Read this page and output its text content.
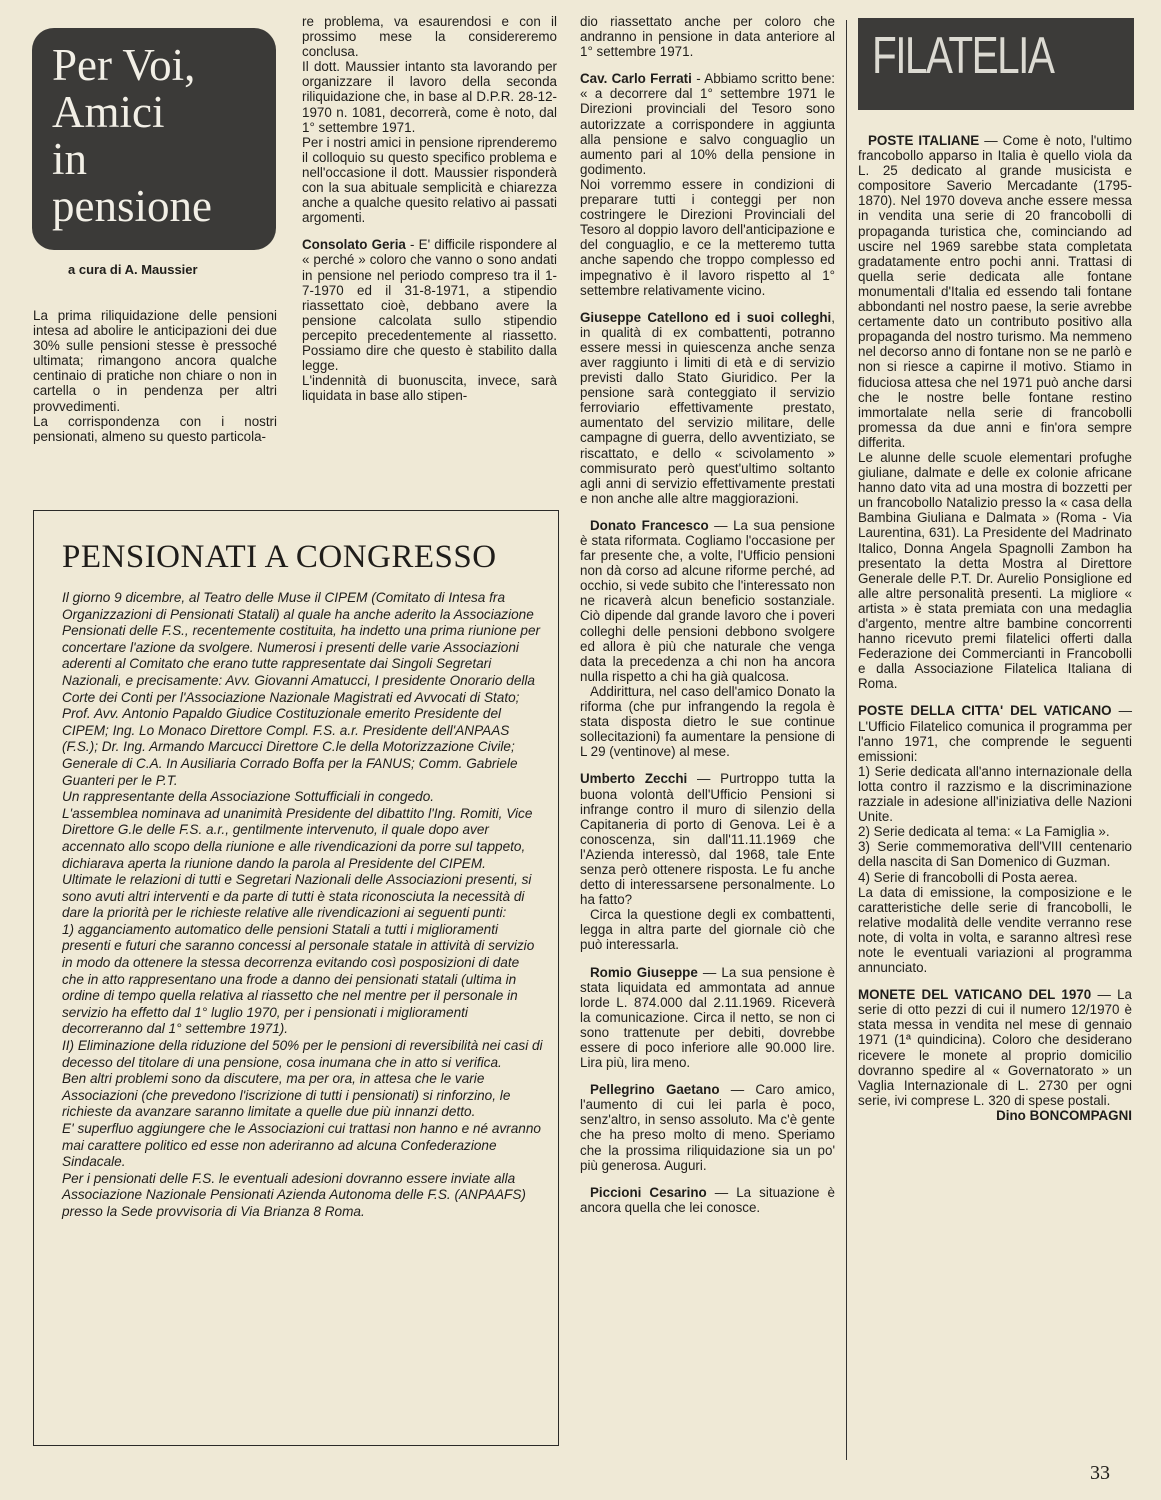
Per Voi,
Amici
in
pensione
a cura di A. Maussier

La prima riliquidazione delle pensioni intesa ad abolire le anticipazioni dei due 30% sulle pensioni stesse è pressoché ultimata; rimangono ancora qualche centinaio di pratiche non chiare o non in cartella o in pendenza per altri provvedimenti.

La corrispondenza con i nostri pensionati, almeno su questo particola-

re problema, va esaurendosi e con il prossimo mese la considereremo conclusa.

Il dott. Maussier intanto sta lavorando per organizzare il lavoro della seconda riliquidazione che, in base al D.P.R. 28-12-1970 n. 1081, decorrerà, come è noto, dal 1° settembre 1971.

Per i nostri amici in pensione riprenderemo il colloquio su questo specifico problema e nell'occasione il dott. Maussier risponderà con la sua abituale semplicità e chiarezza anche a qualche quesito relativo ai passati argomenti.

Consolato Geria - E' difficile rispondere al « perché » coloro che vanno o sono andati in pensione nel periodo compreso tra il 1-7-1970 ed il 31-8-1971, a stipendio riassettato cioè, debbano avere la pensione calcolata sullo stipendio percepito precedentemente al riassetto. Possiamo dire che questo è stabilito dalla legge.

L'indennità di buonuscita, invece, sarà liquidata in base allo stipen-

PENSIONATI A CONGRESSO

Il giorno 9 dicembre, al Teatro delle Muse il CIPEM (Comitato di Intesa fra Organizzazioni di Pensionati Statali) al quale ha anche aderito la Associazione Pensionati delle F.S., recentemente costituita, ha indetto una prima riunione per concertare l'azione da svolgere. Numerosi i presenti delle varie Associazioni aderenti al Comitato che erano tutte rappresentate dai Singoli Segretari Nazionali, e precisamente: Avv. Giovanni Amatucci, I presidente Onorario della Corte dei Conti per l'Associazione Nazionale Magistrati ed Avvocati di Stato; Prof. Avv. Antonio Papaldo Giudice Costituzionale emerito Presidente del CIPEM; Ing. Lo Monaco Direttore Compl. F.S. a.r. Presidente dell'ANPAAS (F.S.); Dr. Ing. Armando Marcucci Direttore C.le della Motorizzazione Civile; Generale di C.A. In Ausiliaria Corrado Boffa per la FANUS; Comm. Gabriele Guanteri per le P.T.

Un rappresentante della Associazione Sottufficiali in congedo.

L'assemblea nominava ad unanimità Presidente del dibattito l'Ing. Romiti, Vice Direttore G.le delle F.S. a.r., gentilmente intervenuto, il quale dopo aver accennato allo scopo della riunione e alle rivendicazioni da porre sul tappeto, dichiarava aperta la riunione dando la parola al Presidente del CIPEM.

Ultimate le relazioni di tutti e Segretari Nazionali delle Associazioni presenti, si sono avuti altri interventi e da parte di tutti è stata riconosciuta la necessità di dare la priorità per le richieste relative alle rivendicazioni ai seguenti punti:

1) agganciamento automatico delle pensioni Statali a tutti i miglioramenti presenti e futuri che saranno concessi al personale statale in attività di servizio in modo da ottenere la stessa decorrenza evitando così posposizioni di date che in atto rappresentano una frode a danno dei pensionati statali (ultima in ordine di tempo quella relativa al riassetto che nel mentre per il personale in servizio ha effetto dal 1° luglio 1970, per i pensionati i miglioramenti decorreranno dal 1° settembre 1971).

II) Eliminazione della riduzione del 50% per le pensioni di reversibilità nei casi di decesso del titolare di una pensione, cosa inumana che in atto si verifica.

Ben altri problemi sono da discutere, ma per ora, in attesa che le varie Associazioni (che prevedono l'iscrizione di tutti i pensionati) si rinforzino, le richieste da avanzare saranno limitate a quelle due più innanzi detto.

E' superfluo aggiungere che le Associazioni cui trattasi non hanno e né avranno mai carattere politico ed esse non aderiranno ad alcuna Confederazione Sindacale.

Per i pensionati delle F.S. le eventuali adesioni dovranno essere inviate alla Associazione Nazionale Pensionati Azienda Autonoma delle F.S. (ANPAAFS) presso la Sede provvisoria di Via Brianza 8 Roma.

dio riassettato anche per coloro che andranno in pensione in data anteriore al 1° settembre 1971.

Cav. Carlo Ferrati - Abbiamo scritto bene: « a decorrere dal 1° settembre 1971 le Direzioni provinciali del Tesoro sono autorizzate a corrispondere in aggiunta alla pensione e salvo conguaglio un aumento pari al 10% della pensione in godimento.

Noi vorremmo essere in condizioni di preparare tutti i conteggi per non costringere le Direzioni Provinciali del Tesoro al doppio lavoro dell'anticipazione e del conguaglio, e ce la metteremo tutta anche sapendo che troppo complesso ed impegnativo è il lavoro rispetto al 1° settembre relativamente vicino.

Giuseppe Catellono ed i suoi colleghi, in qualità di ex combattenti, potranno essere messi in quiescenza anche senza aver raggiunto i limiti di età e di servizio previsti dallo Stato Giuridico. Per la pensione sarà conteggiato il servizio ferroviario effettivamente prestato, aumentato del servizio militare, delle campagne di guerra, dello avventiziato, se riscattato, e dello « scivolamento » commisurato però quest'ultimo soltanto agli anni di servizio effettivamente prestati e non anche alle altre maggiorazioni.

Donato Francesco — La sua pensione è stata riformata. Cogliamo l'occasione per far presente che, a volte, l'Ufficio pensioni non dà corso ad alcune riforme perché, ad occhio, si vede subito che l'interessato non ne ricaverà alcun beneficio sostanziale. Ciò dipende dal grande lavoro che i poveri colleghi delle pensioni debbono svolgere ed allora è più che naturale che venga data la precedenza a chi non ha ancora nulla rispetto a chi ha già qualcosa.

Addirittura, nel caso dell'amico Donato la riforma (che pur infrangendo la regola è stata disposta dietro le sue continue sollecitazioni) fa aumentare la pensione di L 29 (ventinove) al mese.

Umberto Zecchi — Purtroppo tutta la buona volontà dell'Ufficio Pensioni si infrange contro il muro di silenzio della Capitaneria di porto di Genova. Lei è a conoscenza, sin dall'11.11.1969 che l'Azienda interessò, dal 1968, tale Ente senza però ottenere risposta. Le fu anche detto di interessarsene personalmente. Lo ha fatto?

Circa la questione degli ex combattenti, legga in altra parte del giornale ciò che può interessarla.

Romio Giuseppe — La sua pensione è stata liquidata ed ammontata ad annue lorde L. 874.000 dal 2.11.1969. Riceverà la comunicazione. Circa il netto, se non ci sono trattenute per debiti, dovrebbe essere di poco inferiore alle 90.000 lire. Lira più, lira meno.

Pellegrino Gaetano — Caro amico, l'aumento di cui lei parla è poco, senz'altro, in senso assoluto. Ma c'è gente che ha preso molto di meno. Speriamo che la prossima riliquidazione sia un po' più generosa. Auguri.

Piccioni Cesarino — La situazione è ancora quella che lei conosce.

FILATELIA

POSTE ITALIANE — Come è noto, l'ultimo francobollo apparso in Italia è quello viola da L. 25 dedicato al grande musicista e compositore Saverio Mercadante (1795-1870). Nel 1970 doveva anche essere messa in vendita una serie di 20 francobolli di propaganda turistica che, cominciando ad uscire nel 1969 sarebbe stata completata gradatamente entro pochi anni. Trattasi di quella serie dedicata alle fontane monumentali d'Italia ed essendo tali fontane abbondanti nel nostro paese, la serie avrebbe certamente dato un contributo positivo alla propaganda del nostro turismo. Ma nemmeno nel decorso anno di fontane non se ne parlò e non si riesce a capirne il motivo. Stiamo in fiduciosa attesa che nel 1971 può anche darsi che le nostre belle fontane restino immortalate nella serie di francobolli promessa da due anni e fin'ora sempre differita.

Le alunne delle scuole elementari profughe giuliane, dalmate e delle ex colonie africane hanno dato vita ad una mostra di bozzetti per un francobollo Natalizio presso la « casa della Bambina Giuliana e Dalmata » (Roma - Via Laurentina, 631). La Presidente del Madrinato Italico, Donna Angela Spagnolli Zambon ha presentato la detta Mostra al Direttore Generale delle P.T. Dr. Aurelio Ponsiglione ed alle altre personalità presenti. La migliore « artista » è stata premiata con una medaglia d'argento, mentre altre bambine concorrenti hanno ricevuto premi filatelici offerti dalla Federazione dei Commercianti in Francobolli e dalla Associazione Filatelica Italiana di Roma.

POSTE DELLA CITTA' DEL VATICANO — L'Ufficio Filatelico comunica il programma per l'anno 1971, che comprende le seguenti emissioni:

1) Serie dedicata all'anno internazionale della lotta contro il razzismo e la discriminazione razziale in adesione all'iniziativa delle Nazioni Unite.

2) Serie dedicata al tema: « La Famiglia ».

3) Serie commemorativa dell'VIII centenario della nascita di San Domenico di Guzman.

4) Serie di francobolli di Posta aerea.

La data di emissione, la composizione e le caratteristiche delle serie di francobolli, le relative modalità delle vendite verranno rese note, di volta in volta, e saranno altresì rese note le eventuali variazioni al programma annunciato.

MONETE DEL VATICANO DEL 1970 — La serie di otto pezzi di cui il numero 12/1970 è stata messa in vendita nel mese di gennaio 1971 (1ª quindicina). Coloro che desiderano ricevere le monete al proprio domicilio dovranno spedire al « Governatorato » un Vaglia Internazionale di L. 2730 per ogni serie, ivi comprese L. 320 di spese postali.

Dino BONCOMPAGNI

33
